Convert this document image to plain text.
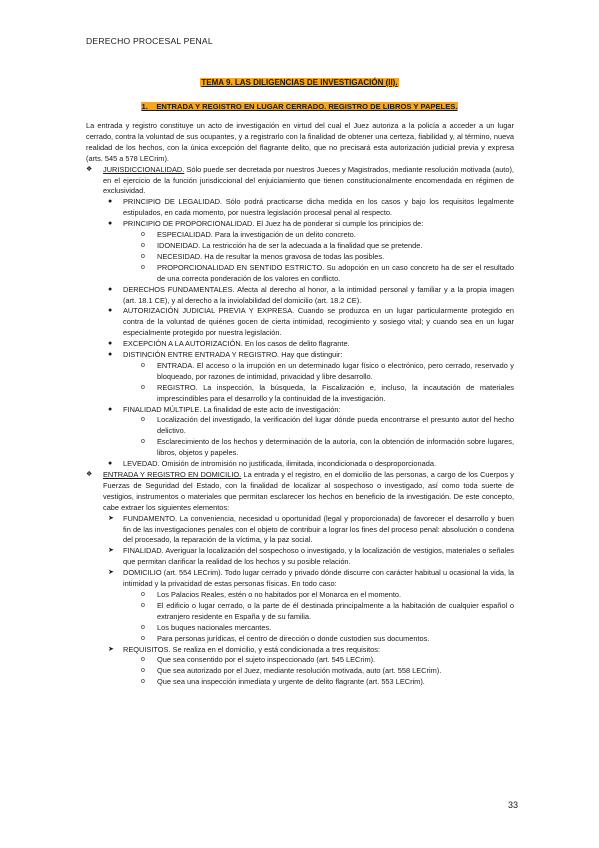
DERECHO PROCESAL PENAL
TEMA 9. LAS DILIGENCIAS DE INVESTIGACIÓN (II).
1.    ENTRADA Y REGISTRO EN LUGAR CERRADO. REGISTRO DE LIBROS Y PAPELES.

La entrada y registro constituye un acto de investigación en virtud del cual el Juez autoriza a la policía a acceder a un lugar cerrado, contra la voluntad de sus ocupantes, y a registrarlo con la finalidad de obtener una certeza, fiabilidad y, al término, nueva realidad de los hechos, con la única excepción del flagrante delito, que no precisará esta autorización judicial previa y expresa (arts. 545 a 578 LECrim).

❖ JURISDICCIONALIDAD. Sólo puede ser decretada por nuestros Jueces y Magistrados, mediante resolución motivada (auto), en el ejercicio de la función jurisdiccional del enjuiciamiento que tienen constitucionalmente encomendada en régimen de exclusividad.
● PRINCIPIO DE LEGALIDAD. Sólo podrá practicarse dicha medida en los casos y bajo los requisitos legalmente estipulados, en cada momento, por nuestra legislación procesal penal al respecto.
● PRINCIPIO DE PROPORCIONALIDAD. El Juez ha de ponderar si cumple los principios de:
o ESPECIALIDAD. Para la investigación de un delito concreto.
o IDONEIDAD. La restricción ha de ser la adecuada a la finalidad que se pretende.
o NECESIDAD. Ha de resultar la menos gravosa de todas las posibles.
o PROPORCIONALIDAD EN SENTIDO ESTRICTO. Su adopción en un caso concreto ha de ser el resultado de una correcta ponderación de los valores en conflicto.
● DERECHOS FUNDAMENTALES. Afecta al derecho al honor, a la intimidad personal y familiar y a la propia imagen (art. 18.1 CE), y al derecho a la inviolabilidad del domicilio (art. 18.2 CE).
● AUTORIZACIÓN JUDICIAL PREVIA Y EXPRESA. Cuando se produzca en un lugar particularmente protegido en contra de la voluntad de quiénes gocen de cierta intimidad, recogimiento y sosiego vital; y cuando sea en un lugar especialmente protegido por nuestra legislación.
● EXCEPCIÓN A LA AUTORIZACIÓN. En los casos de delito flagrante.
● DISTINCIÓN ENTRE ENTRADA Y REGISTRO. Hay que distinguir:
o ENTRADA. El acceso o la irrupción en un determinado lugar físico o electrónico, pero cerrado, reservado y bloqueado, por razones de intimidad, privacidad y libre desarrollo.
o REGISTRO. La inspección, la búsqueda, la Fiscalización e, incluso, la incautación de materiales imprescindibles para el desarrollo y la continuidad de la investigación.
● FINALIDAD MÚLTIPLE. La finalidad de este acto de investigación:
o Localización del investigado, la verificación del lugar dónde pueda encontrarse el presunto autor del hecho delictivo.
o Esclarecimiento de los hechos y determinación de la autoría, con la obtención de información sobre lugares, libros, objetos y papeles.
● LEVEDAD. Omisión de intromisión no justificada, ilimitada, incondicionada o desproporcionada.
❖ ENTRADA Y REGISTRO EN DOMICILIO. La entrada y el registro, en el domicilio de las personas, a cargo de los Cuerpos y Fuerzas de Seguridad del Estado, con la finalidad de localizar al sospechoso o investigado, así como toda suerte de vestigios, instrumentos o materiales que permitan esclarecer los hechos en beneficio de la investigación. De este concepto, cabe extraer los siguientes elementos:
➤ FUNDAMENTO. La conveniencia, necesidad u oportunidad (legal y proporcionada) de favorecer el desarrollo y buen fin de las investigaciones penales con el objeto de contribuir a lograr los fines del proceso penal: absolución o condena del procesado, la reparación de la víctima, y la paz social.
➤ FINALIDAD. Averiguar la localización del sospechoso o investigado, y la localización de vestigios, materiales o señales que permitan clarificar la realidad de los hechos y su posible relación.
➤ DOMICILIO (art. 554 LECrim). Todo lugar cerrado y privado dónde discurre con carácter habitual u ocasional la vida, la intimidad y la privacidad de estas personas físicas. En todo caso:
o Los Palacios Reales, estén o no habitados por el Monarca en el momento.
o El edificio o lugar cerrado, o la parte de él destinada principalmente a la habitación de cualquier español o extranjero residente en España y de su familia.
o Los buques nacionales mercantes.
o Para personas jurídicas, el centro de dirección o donde custodien sus documentos.
➤ REQUISITOS. Se realiza en el domicilio, y está condicionada a tres requisitos:
o Que sea consentido por el sujeto inspeccionado (art. 545 LECrim).
o Que sea autorizado por el Juez, mediante resolución motivada, auto (art. 558 LECrim).
o Que sea una inspección inmediata y urgente de delito flagrante (art. 553 LECrim).
33
